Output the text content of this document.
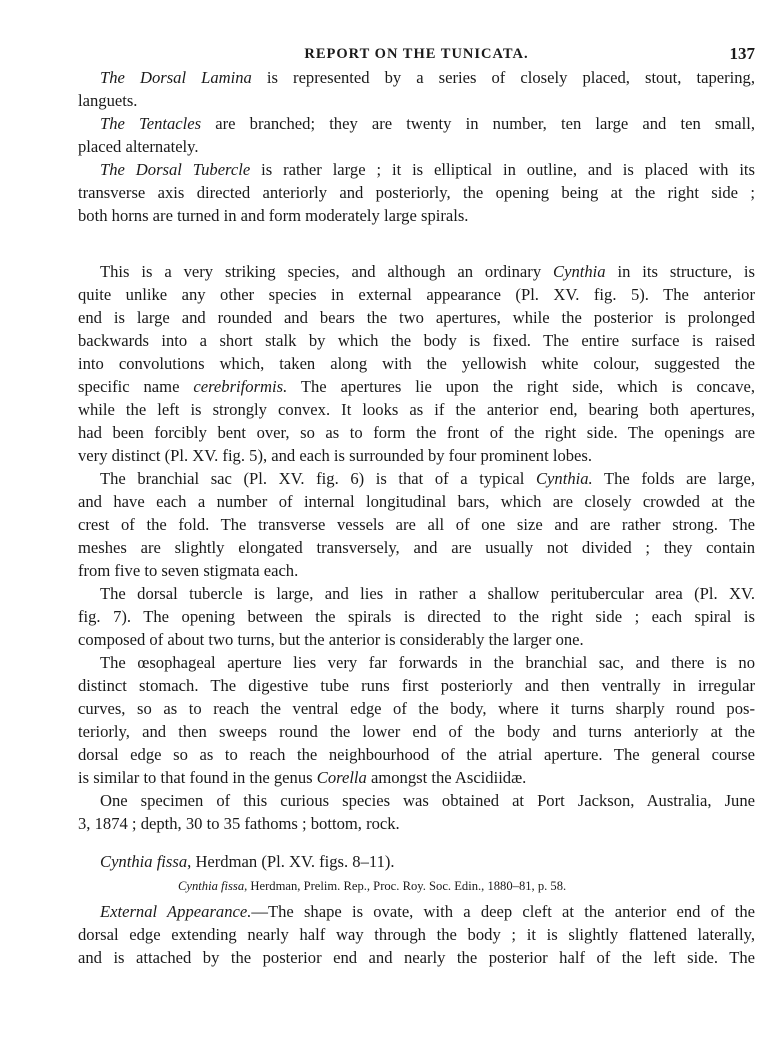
REPORT ON THE TUNICATA.	137
The Dorsal Lamina is represented by a series of closely placed, stout, tapering,
languets.
The Tentacles are branched; they are twenty in number, ten large and ten small,
placed alternately.
The Dorsal Tubercle is rather large ; it is elliptical in outline, and is placed with its
transverse axis directed anteriorly and posteriorly, the opening being at the right side ;
both horns are turned in and form moderately large spirals.
This is a very striking species, and although an ordinary Cynthia in its structure, is
quite unlike any other species in external appearance (Pl. XV. fig. 5). The anterior
end is large and rounded and bears the two apertures, while the posterior is prolonged
backwards into a short stalk by which the body is fixed. The entire surface is raised
into convolutions which, taken along with the yellowish white colour, suggested the
specific name cerebriformis. The apertures lie upon the right side, which is concave,
while the left is strongly convex. It looks as if the anterior end, bearing both apertures,
had been forcibly bent over, so as to form the front of the right side. The openings are
very distinct (Pl. XV. fig. 5), and each is surrounded by four prominent lobes.
The branchial sac (Pl. XV. fig. 6) is that of a typical Cynthia. The folds are large,
and have each a number of internal longitudinal bars, which are closely crowded at the
crest of the fold. The transverse vessels are all of one size and are rather strong. The
meshes are slightly elongated transversely, and are usually not divided ; they contain
from five to seven stigmata each.
The dorsal tubercle is large, and lies in rather a shallow peritubercular area (Pl. XV.
fig. 7). The opening between the spirals is directed to the right side ; each spiral is
composed of about two turns, but the anterior is considerably the larger one.
The œsophageal aperture lies very far forwards in the branchial sac, and there is no
distinct stomach. The digestive tube runs first posteriorly and then ventrally in irregular
curves, so as to reach the ventral edge of the body, where it turns sharply round pos-
teriorly, and then sweeps round the lower end of the body and turns anteriorly at the
dorsal edge so as to reach the neighbourhood of the atrial aperture. The general course
is similar to that found in the genus Corella amongst the Ascidiidæ.
One specimen of this curious species was obtained at Port Jackson, Australia, June
3, 1874 ; depth, 30 to 35 fathoms ; bottom, rock.
Cynthia fissa, Herdman (Pl. XV. figs. 8–11).
Cynthia fissa, Herdman, Prelim. Rep., Proc. Roy. Soc. Edin., 1880–81, p. 58.
External Appearance.—The shape is ovate, with a deep cleft at the anterior end of the
dorsal edge extending nearly half way through the body ; it is slightly flattened laterally,
and is attached by the posterior end and nearly the posterior half of the left side. The
